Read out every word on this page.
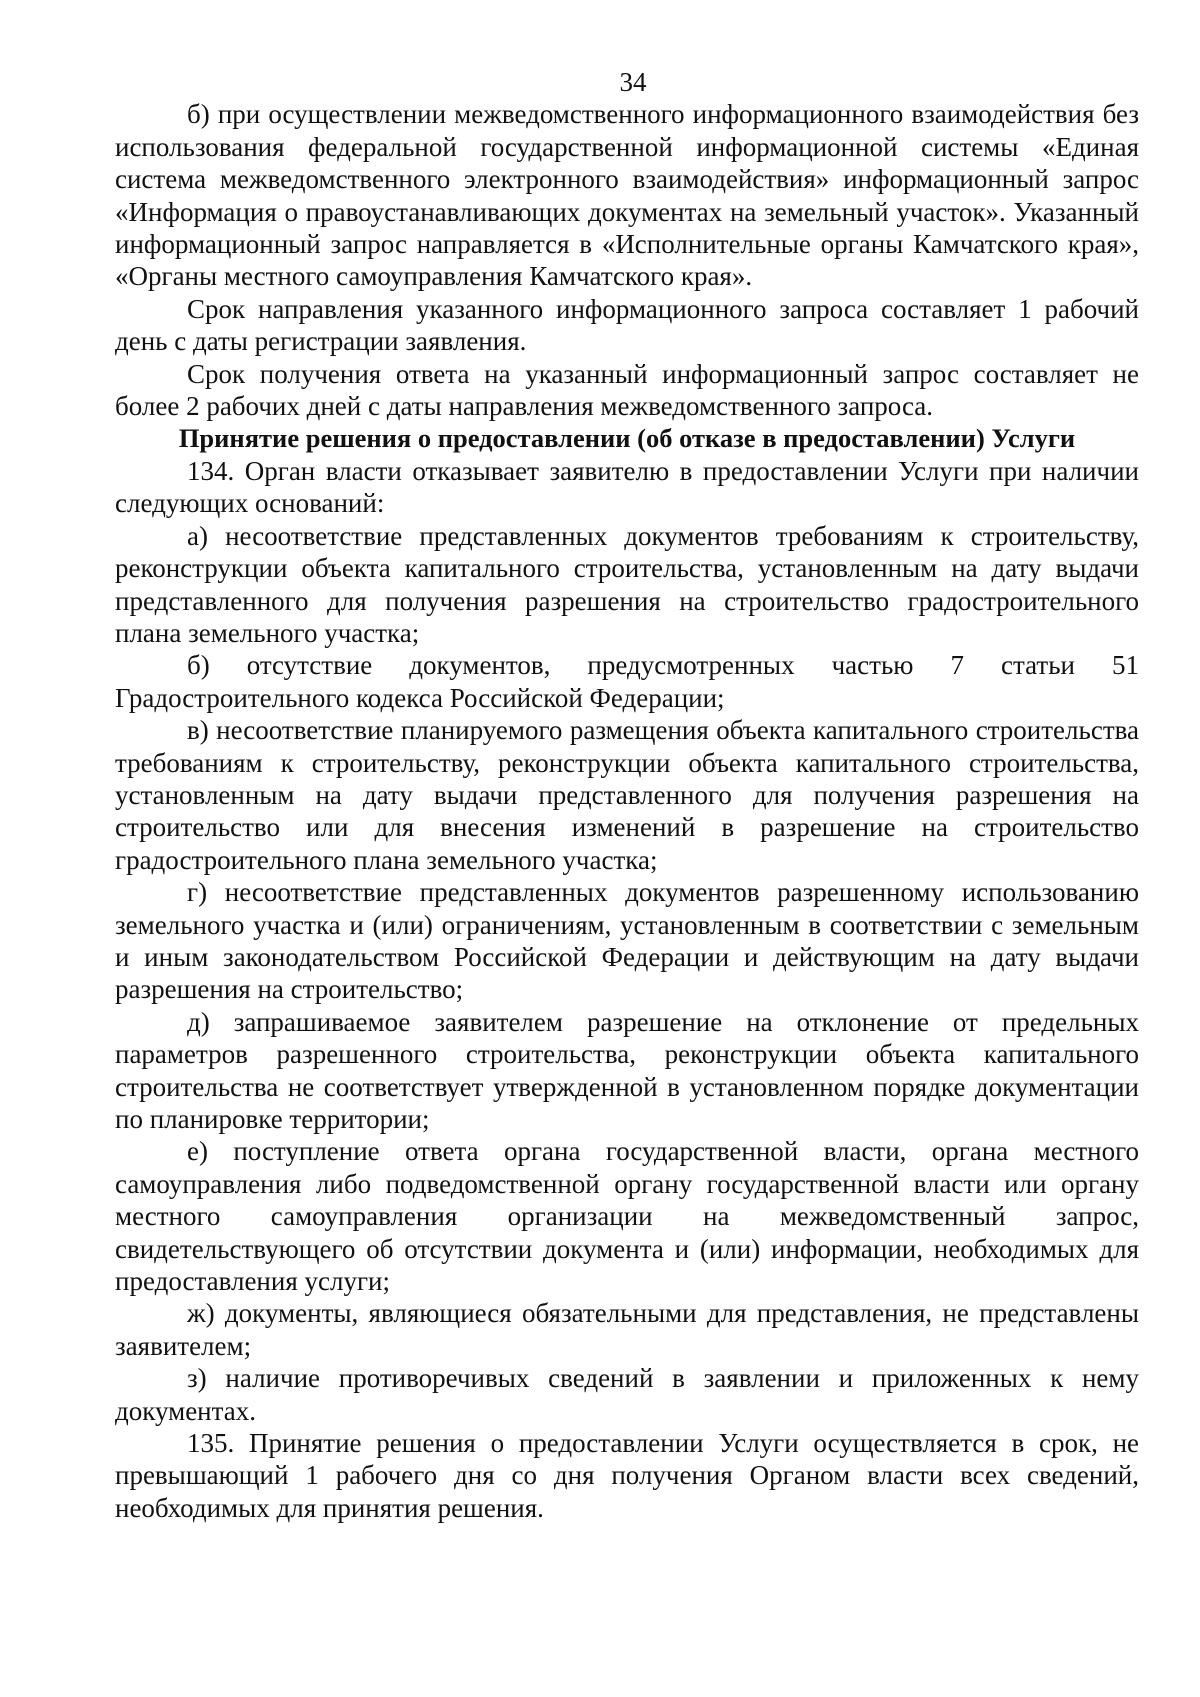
34

б) при осуществлении межведомственного информационного взаимодействия без использования федеральной государственной информационной системы «Единая система межведомственного электронного взаимодействия» информационный запрос «Информация о правоустанавливающих документах на земельный участок». Указанный информационный запрос направляется в «Исполнительные органы Камчатского края», «Органы местного самоуправления Камчатского края».

Срок направления указанного информационного запроса составляет 1 рабочий день с даты регистрации заявления.

Срок получения ответа на указанный информационный запрос составляет не более 2 рабочих дней с даты направления межведомственного запроса.

Принятие решения о предоставлении (об отказе в предоставлении) Услуги

134. Орган власти отказывает заявителю в предоставлении Услуги при наличии следующих оснований:

а) несоответствие представленных документов требованиям к строительству, реконструкции объекта капитального строительства, установленным на дату выдачи представленного для получения разрешения на строительство градостроительного плана земельного участка;

б) отсутствие документов, предусмотренных частью 7 статьи 51 Градостроительного кодекса Российской Федерации;

в) несоответствие планируемого размещения объекта капитального строительства требованиям к строительству, реконструкции объекта капитального строительства, установленным на дату выдачи представленного для получения разрешения на строительство или для внесения изменений в разрешение на строительство градостроительного плана земельного участка;

г) несоответствие представленных документов разрешенному использованию земельного участка и (или) ограничениям, установленным в соответствии с земельным и иным законодательством Российской Федерации и действующим на дату выдачи разрешения на строительство;

д) запрашиваемое заявителем разрешение на отклонение от предельных параметров разрешенного строительства, реконструкции объекта капитального строительства не соответствует утвержденной в установленном порядке документации по планировке территории;

е) поступление ответа органа государственной власти, органа местного самоуправления либо подведомственной органу государственной власти или органу местного самоуправления организации на межведомственный запрос, свидетельствующего об отсутствии документа и (или) информации, необходимых для предоставления услуги;

ж) документы, являющиеся обязательными для представления, не представлены заявителем;

з) наличие противоречивых сведений в заявлении и приложенных к нему документах.

135. Принятие решения о предоставлении Услуги осуществляется в срок, не превышающий 1 рабочего дня со дня получения Органом власти всех сведений, необходимых для принятия решения.
